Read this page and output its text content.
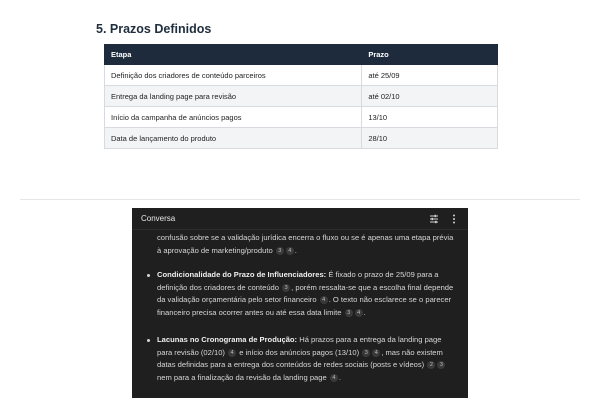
5. Prazos Definidos
Etapa	Prazo
Definição dos criadores de conteúdo parceiros	até 25/09
Entrega da landing page para revisão	até 02/10
Início da campanha de anúncios pagos	13/10
Data de lançamento do produto	28/10
Conversa
confusão sobre se a validação jurídica encerra o fluxo ou se é apenas uma etapa prévia à aprovação de marketing/produto 3 4 .
Condicionalidade do Prazo de Influenciadores: É fixado o prazo de 25/09 para a definição dos criadores de conteúdo 3 , porém ressalta-se que a escolha final depende da validação orçamentária pelo setor financeiro 4 . O texto não esclarece se o parecer financeiro precisa ocorrer antes ou até essa data limite 3 4 .
Lacunas no Cronograma de Produção: Há prazos para a entrega da landing page para revisão (02/10) 4 e início dos anúncios pagos (13/10) 3 4 , mas não existem datas definidas para a entrega dos conteúdos de redes sociais (posts e vídeos) 2 3 nem para a finalização da revisão da landing page 4 .
